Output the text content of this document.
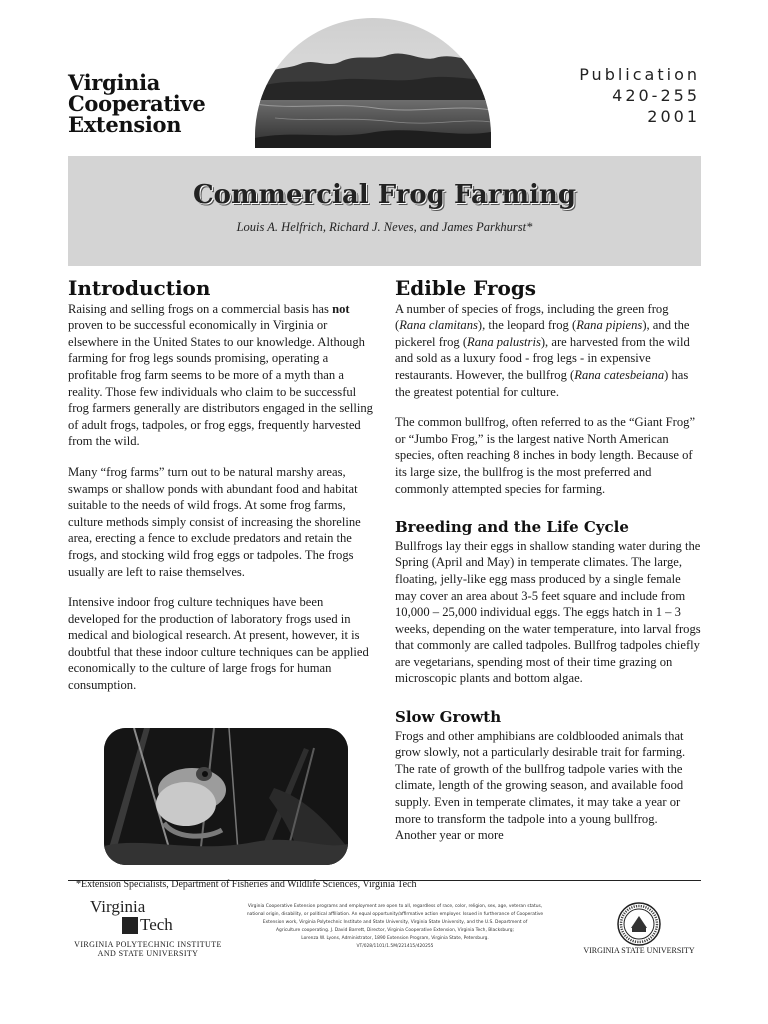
Virginia
Cooperative
Extension
Publication
420-255
2001
Commercial Frog Farming
Louis A. Helfrich, Richard J. Neves, and James Parkhurst*
Introduction

Raising and selling frogs on a commercial basis has not proven to be successful economically in Virginia or elsewhere in the United States to our knowledge. Although farming for frog legs sounds promising, operating a profitable frog farm seems to be more of a myth than a reality. Those few individuals who claim to be successful frog farmers generally are distributors engaged in the selling of adult frogs, tadpoles, or frog eggs, frequently harvested from the wild.

Many “frog farms” turn out to be natural marshy areas, swamps or shallow ponds with abundant food and habitat suitable to the needs of wild frogs. At some frog farms, culture methods simply consist of increasing the shoreline area, erecting a fence to exclude predators and retain the frogs, and stocking wild frog eggs or tadpoles. The frogs usually are left to raise themselves.

Intensive indoor frog culture techniques have been developed for the production of laboratory frogs used in medical and biological research. At present, however, it is doubtful that these indoor culture techniques can be applied economically to the culture of large frogs for human consumption.

Edible Frogs

A number of species of frogs, including the green frog (Rana clamitans), the leopard frog (Rana pipiens), and the pickerel frog (Rana palustris), are harvested from the wild and sold as a luxury food - frog legs - in expensive restaurants. However, the bullfrog (Rana catesbeiana) has the greatest potential for culture.

The common bullfrog, often referred to as the “Giant Frog” or “Jumbo Frog,” is the largest native North American species, often reaching 8 inches in body length. Because of its large size, the bullfrog is the most preferred and commonly attempted species for farming.

Breeding and the Life Cycle

Bullfrogs lay their eggs in shallow standing water during the Spring (April and May) in temperate climates. The large, floating, jelly-like egg mass produced by a single female may cover an area about 3-5 feet square and include from 10,000 – 25,000 individual eggs. The eggs hatch in 1 – 3 weeks, depending on the water temperature, into larval frogs that commonly are called tadpoles. Bullfrog tadpoles chiefly are vegetarians, spending most of their time grazing on microscopic plants and bottom algae.

Slow Growth

Frogs and other amphibians are coldblooded animals that grow slowly, not a particularly desirable trait for farming. The rate of growth of the bullfrog tadpole varies with the climate, length of the growing season, and available food supply. Even in temperate climates, it may take a year or more to transform the tadpole into a young bullfrog. Another year or more

*Extension Specialists, Department of Fisheries and Wildlife Sciences, Virginia Tech
Virginia
Tech
VIRGINIA POLYTECHNIC INSTITUTE
AND STATE UNIVERSITY
Virginia Cooperative Extension programs and employment are open to all, regardless of race, color, religion, sex, age, veteran status,
national origin, disability, or political affiliation. An equal opportunity/affirmative action employer. Issued in furtherance of Cooperative
Extension work, Virginia Polytechnic Institute and State University, Virginia State University, and the U.S. Department of
Agriculture cooperating. J. David Barrett, Director, Virginia Cooperative Extension, Virginia Tech, Blacksburg;
Lorenza W. Lyons, Administrator, 1890 Extension Program, Virginia State, Petersburg.
VT/028/1101/1.5M/221415/420255	VIRGINIA STATE UNIVERSITY
